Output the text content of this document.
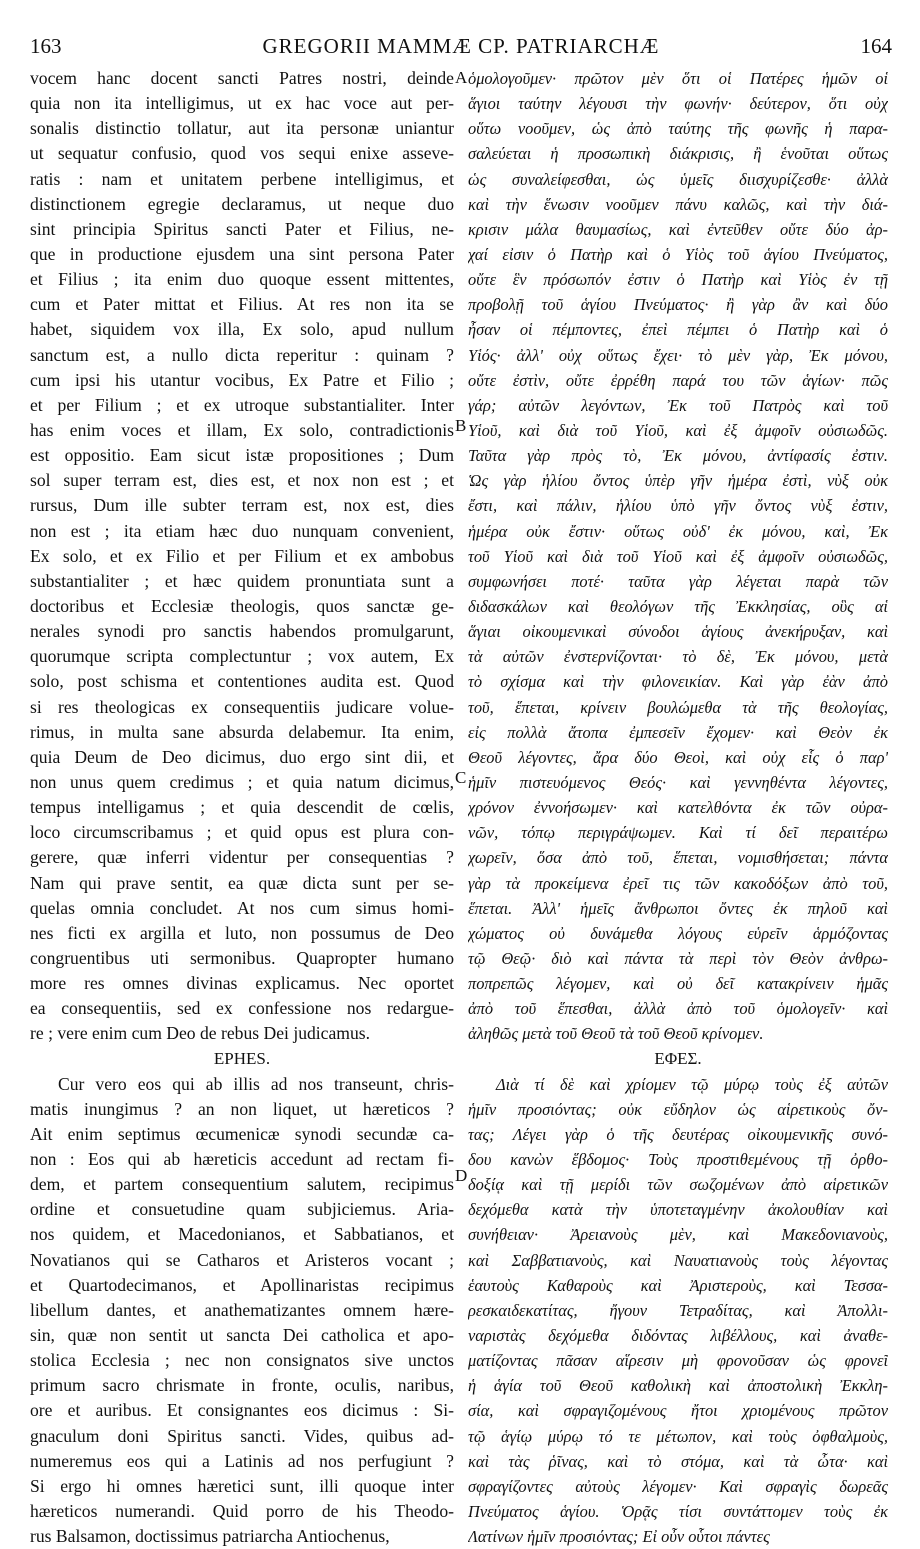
163	GREGORII MAMMÆ CP. PATRIARCHÆ	164
vocem hanc docent sancti Patres nostri, deinde
quia non ita intelligimus, ut ex hac voce aut per-
sonalis distinctio tollatur, aut ita personæ uniantur
ut sequatur confusio, quod vos sequi enixe asseve-
ratis : nam et unitatem perbene intelligimus, et
distinctionem egregie declaramus, ut neque duo
sint principia Spiritus sancti Pater et Filius, ne-
que in productione ejusdem una sint persona Pater
et Filius ; ita enim duo quoque essent mittentes,
cum et Pater mittat et Filius. At res non ita se
habet, siquidem vox illa, Ex solo, apud nullum
sanctum est, a nullo dicta reperitur : quinam ?
cum ipsi his utantur vocibus, Ex Patre et Filio ;
et per Filium ; et ex utroque substantialiter. Inter
has enim voces et illam, Ex solo, contradictionis
est oppositio. Eam sicut istæ propositiones ; Dum
sol super terram est, dies est, et nox non est ; et
rursus, Dum ille subter terram est, nox est, dies
non est ; ita etiam hæc duo nunquam convenient,
Ex solo, et ex Filio et per Filium et ex ambobus
substantialiter ; et hæc quidem pronuntiata sunt a
doctoribus et Ecclesiæ theologis, quos sanctæ ge-
nerales synodi pro sanctis habendos promulgarunt,
quorumque scripta complectuntur ; vox autem, Ex
solo, post schisma et contentiones audita est. Quod
si res theologicas ex consequentiis judicare volue-
rimus, in multa sane absurda delabemur. Ita enim,
quia Deum de Deo dicimus, duo ergo sint dii, et
non unus quem credimus ; et quia natum dicimus,
tempus intelligamus ; et quia descendit de cœlis,
loco circumscribamus ; et quid opus est plura con-
gerere, quæ inferri videntur per consequentias ?
Nam qui prave sentit, ea quæ dicta sunt per se-
quelas omnia concludet. At nos cum simus homi-
nes ficti ex argilla et luto, non possumus de Deo
congruentibus uti sermonibus. Quapropter humano
more res omnes divinas explicamus. Nec oportet
ea consequentiis, sed ex confessione nos redargue-
re ; vere enim cum Deo de rebus Dei judicamus.
EPHES.
Cur vero eos qui ab illis ad nos transeunt, chris-
matis inungimus ? an non liquet, ut hæreticos ?
Ait enim septimus œcumenicæ synodi secundæ ca-
non : Eos qui ab hæreticis accedunt ad rectam fi-
dem, et partem consequentium salutem, recipimus
ordine et consuetudine quam subjiciemus. Aria-
nos quidem, et Macedonianos, et Sabbatianos, et
Novatianos qui se Catharos et Aristeros vocant ;
et Quartodecimanos, et Apollinaristas recipimus
libellum dantes, et anathematizantes omnem hære-
sin, quæ non sentit ut sancta Dei catholica et apo-
stolica Ecclesia ; nec non consignatos sive unctos
primum sacro chrismate in fronte, oculis, naribus,
ore et auribus. Et consignantes eos dicimus : Si-
gnaculum doni Spiritus sancti. Vides, quibus ad-
numeremus eos qui a Latinis ad nos perfugiunt ?
Si ergo hi omnes hæretici sunt, illi quoque inter
hæreticos numerandi. Quid porro de his Theodo-
rus Balsamon, doctissimus patriarcha Antiochenus,
ὁμολογοῦμεν· πρῶτον μὲν ὅτι οἱ Πατέρες ἡμῶν οἱ
ἅγιοι ταύτην λέγουσι τὴν φωνήν· δεύτερον, ὅτι οὐχ
οὕτω νοοῦμεν, ὡς ἀπὸ ταύτης τῆς φωνῆς ἡ παρα-
σαλεύεται ἡ προσωπικὴ διάκρισις, ἢ ἑνοῦται οὕτως
ὡς συναλείφεσθαι, ὡς ὑμεῖς διισχυρίζεσθε· ἀλλὰ
καὶ τὴν ἕνωσιν νοοῦμεν πάνυ καλῶς, καὶ τὴν διά-
κρισιν μάλα θαυμασίως, καὶ ἐντεῦθεν οὔτε δύο ἀρ-
χαί εἰσιν ὁ Πατὴρ καὶ ὁ Υἱὸς τοῦ ἁγίου Πνεύματος,
οὔτε ἓν πρόσωπόν ἐστιν ὁ Πατὴρ καὶ Υἱὸς ἐν τῇ
προβολῇ τοῦ ἁγίου Πνεύματος· ἢ γὰρ ἂν καὶ δύο
ἦσαν οἱ πέμποντες, ἐπεὶ πέμπει ὁ Πατὴρ καὶ ὁ
Υἱός· ἀλλ' οὐχ οὕτως ἔχει· τὸ μὲν γὰρ, Ἐκ μόνου,
οὔτε ἐστὶν, οὔτε ἐρρέθη παρά του τῶν ἁγίων· πῶς
γάρ; αὐτῶν λεγόντων, Ἐκ τοῦ Πατρὸς καὶ τοῦ
Υἱοῦ, καὶ διὰ τοῦ Υἱοῦ, καὶ ἐξ ἀμφοῖν οὐσιωδῶς.
Ταῦτα γὰρ πρὸς τὸ, Ἐκ μόνου, ἀντίφασίς ἐστιν.
Ὡς γὰρ ἡλίου ὄντος ὑπὲρ γῆν ἡμέρα ἐστὶ, νὺξ οὐκ
ἔστι, καὶ πάλιν, ἡλίου ὑπὸ γῆν ὄντος νὺξ ἐστιν,
ἡμέρα οὐκ ἔστιν· οὕτως οὐδ' ἐκ μόνου, καὶ, Ἐκ
τοῦ Υἱοῦ καὶ διὰ τοῦ Υἱοῦ καὶ ἐξ ἀμφοῖν οὐσιωδῶς,
συμφωνήσει ποτέ· ταῦτα γὰρ λέγεται παρὰ τῶν
διδασκάλων καὶ θεολόγων τῆς Ἐκκλησίας, οὓς αἱ
ἅγιαι οἰκουμενικαὶ σύνοδοι ἁγίους ἀνεκήρυξαν, καὶ
τὰ αὐτῶν ἐνστερνίζονται· τὸ δὲ, Ἐκ μόνου, μετὰ
τὸ σχίσμα καὶ τὴν φιλονεικίαν. Καὶ γὰρ ἐὰν ἀπὸ
τοῦ, ἕπεται, κρίνειν βουλώμεθα τὰ τῆς θεολογίας,
εἰς πολλὰ ἄτοπα ἐμπεσεῖν ἔχομεν· καὶ Θεὸν ἐκ
Θεοῦ λέγοντες, ἄρα δύο Θεοὶ, καὶ οὐχ εἷς ὁ παρ'
ἡμῖν πιστευόμενος Θεός· καὶ γεννηθέντα λέγοντες,
χρόνον ἐννοήσωμεν· καὶ κατελθόντα ἐκ τῶν οὐρα-
νῶν, τόπῳ περιγράψωμεν. Καὶ τί δεῖ περαιτέρω
χωρεῖν, ὅσα ἀπὸ τοῦ, ἕπεται, νομισθήσεται; πάντα
γὰρ τὰ προκείμενα ἐρεῖ τις τῶν κακοδόξων ἀπὸ τοῦ,
ἕπεται. Ἀλλ' ἡμεῖς ἄνθρωποι ὄντες ἐκ πηλοῦ καὶ
χώματος οὐ δυνάμεθα λόγους εὑρεῖν ἁρμόζοντας
τῷ Θεῷ· διὸ καὶ πάντα τὰ περὶ τὸν Θεὸν ἀνθρω-
ποπρεπῶς λέγομεν, καὶ οὐ δεῖ κατακρίνειν ἡμᾶς
ἀπὸ τοῦ ἕπεσθαι, ἀλλὰ ἀπὸ τοῦ ὁμολογεῖν· καὶ
ἀληθῶς μετὰ τοῦ Θεοῦ τὰ τοῦ Θεοῦ κρίνομεν.
ΕΦΕΣ.
Διὰ τί δὲ καὶ χρίομεν τῷ μύρῳ τοὺς ἐξ αὐτῶν
ἡμῖν προσιόντας; οὐκ εὔδηλον ὡς αἱρετικοὺς ὄν-
τας; Λέγει γὰρ ὁ τῆς δευτέρας οἰκουμενικῆς συνό-
δου κανὼν ἕβδομος· Τοὺς προστιθεμένους τῇ ὀρθο-
δοξίᾳ καὶ τῇ μερίδι τῶν σωζομένων ἀπὸ αἱρετικῶν
δεχόμεθα κατὰ τὴν ὑποτεταγμένην ἀκολουθίαν καὶ
συνήθειαν· Ἀρειανοὺς μὲν, καὶ Μακεδονιανοὺς,
καὶ Σαββατιανοὺς, καὶ Ναυατιανοὺς τοὺς λέγοντας
ἑαυτοὺς Καθαροὺς καὶ Ἀριστεροὺς, καὶ Τεσσα-
ρεσκαιδεκατίτας, ἤγουν Τετραδίτας, καὶ Ἀπολλι-
ναριστὰς δεχόμεθα διδόντας λιβέλλους, καὶ ἀναθε-
ματίζοντας πᾶσαν αἵρεσιν μὴ φρονοῦσαν ὡς φρονεῖ
ἡ ἁγία τοῦ Θεοῦ καθολικὴ καὶ ἀποστολικὴ Ἐκκλη-
σία, καὶ σφραγιζομένους ἤτοι χριομένους πρῶτον
τῷ ἁγίῳ μύρῳ τό τε μέτωπον, καὶ τοὺς ὀφθαλμοὺς,
καὶ τὰς ῥῖνας, καὶ τὸ στόμα, καὶ τὰ ὦτα· καὶ
σφραγίζοντες αὐτοὺς λέγομεν· Καὶ σφραγὶς δωρεᾶς
Πνεύματος ἁγίου. Ὁρᾷς τίσι συντάττομεν τοὺς ἐκ
Λατίνων ἡμῖν προσιόντας; Εἰ οὖν οὗτοι πάντες
A
B
C
D
